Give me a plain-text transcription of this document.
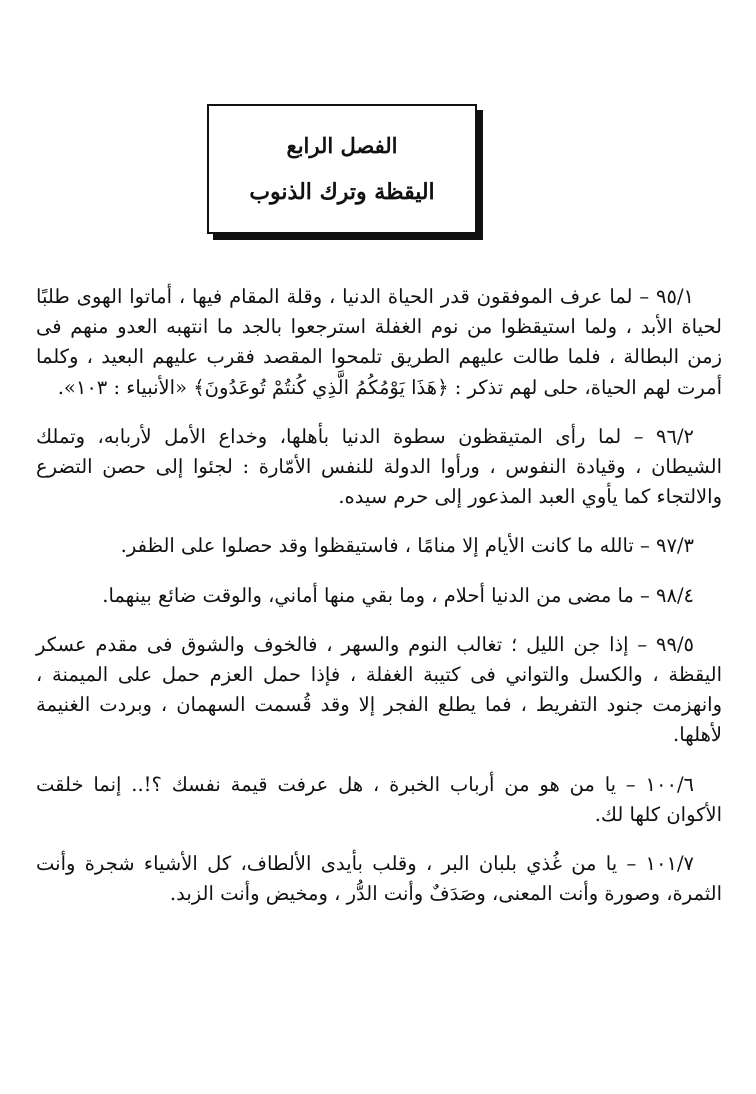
الفصل الرابع
اليقظة وترك الذنوب

٩٥/١ – لما عرف الموفقون قدر الحياة الدنيا ، وقلة المقام فيها ، أماتوا الهوى طلبًا لحياة الأبد ، ولما استيقظوا من نوم الغفلة استرجعوا بالجد ما انتهبه العدو منهم فى زمن البطالة ، فلما طالت عليهم الطريق تلمحوا المقصد فقرب عليهم البعيد ، وكلما أمرت لهم الحياة، حلى لهم تذكر : ﴿هَذَا يَوْمُكُمُ الَّذِي كُنتُمْ تُوعَدُونَ﴾ «الأنبياء : ١٠٣».

٩٦/٢ – لما رأى المتيقظون سطوة الدنيا بأهلها، وخداع الأمل لأربابه، وتملك الشيطان ، وقيادة النفوس ، ورأوا الدولة للنفس الأمّارة : لجئوا إلى حصن التضرع والالتجاء كما يأوي العبد المذعور إلى حرم سيده.

٩٧/٣ – تالله ما كانت الأيام إلا منامًا ، فاستيقظوا وقد حصلوا على الظفر.

٩٨/٤ – ما مضى من الدنيا أحلام ، وما بقي منها أماني، والوقت ضائع بينهما.

٩٩/٥ – إذا جن الليل ؛ تغالب النوم والسهر ، فالخوف والشوق فى مقدم عسكر اليقظة ، والكسل والتواني فى كتيبة الغفلة ، فإذا حمل العزم حمل على الميمنة ، وانهزمت جنود التفريط ، فما يطلع الفجر إلا وقد قُسمت السهمان ، وبردت الغنيمة لأهلها.

١٠٠/٦ – يا من هو من أرباب الخبرة ، هل عرفت قيمة نفسك ؟!.. إنما خلقت الأكوان كلها لك.

١٠١/٧ – يا من غُذي بلبان البر ، وقلب بأيدى الألطاف، كل الأشياء شجرة وأنت الثمرة، وصورة وأنت المعنى، وصَدَفٌ وأنت الدُّر ، ومخيض وأنت الزبد.
